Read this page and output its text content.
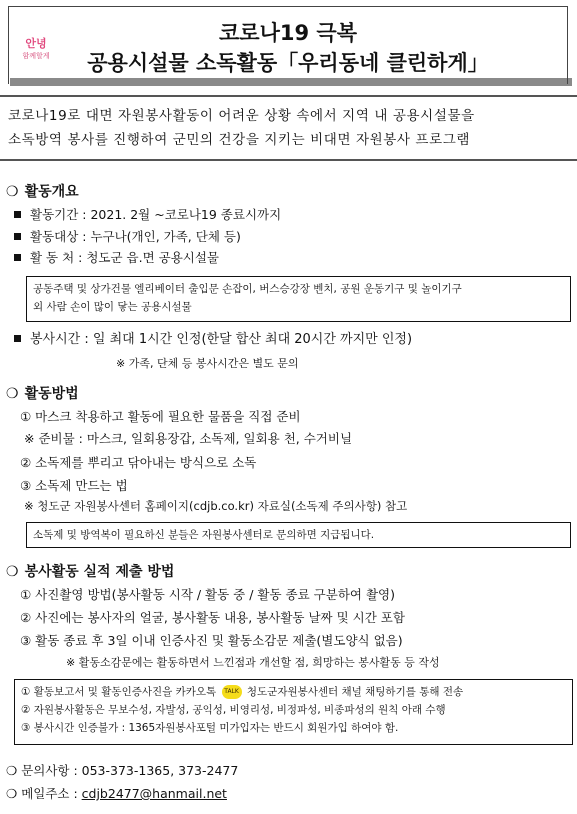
안녕
함께할게
코로나19 극복
공용시설물 소독활동「우리동네 클린하게」
코로나19로 대면 자원봉사활동이 어려운 상황 속에서 지역 내 공용시설물을
소독방역 봉사를 진행하여 군민의 건강을 지키는 비대면 자원봉사 프로그램
❍ 활동개요
활동기간 : 2021. 2월 ~코로나19 종료시까지
활동대상 : 누구나(개인, 가족, 단체 등)
활 동 처 : 청도군 읍.면 공용시설물
공동주택 및 상가건물 엘리베이터 출입문 손잡이, 버스승강장 벤치, 공원 운동기구 및 놀이기구
외 사람 손이 많이 닿는 공용시설물
봉사시간 : 일 최대 1시간 인정(한달 합산 최대 20시간 까지만 인정)
※ 가족, 단체 등 봉사시간은 별도 문의
❍ 활동방법
① 마스크 착용하고 활동에 필요한 물품을 직접 준비
※ 준비물 : 마스크, 일회용장갑, 소독제, 일회용 천, 수거비닐
② 소독제를 뿌리고 닦아내는 방식으로 소독
③ 소독제 만드는 법
※ 청도군 자원봉사센터 홈페이지(cdjb.co.kr) 자료실(소독제 주의사항) 참고
소독제 및 방역복이 필요하신 분들은 자원봉사센터로 문의하면 지급됩니다.
❍ 봉사활동 실적 제출 방법
① 사진촬영 방법(봉사활동 시작 / 활동 중 / 활동 종료 구분하여 촬영)
② 사진에는 봉사자의 얼굴, 봉사활동 내용, 봉사활동 날짜 및 시간 포함
③ 활동 종료 후 3일 이내 인증사진 및 활동소감문 제출(별도양식 없음)
※ 활동소감문에는 활동하면서 느낀점과 개선할 점, 희망하는 봉사활동 등 작성
① 활동보고서 및 활동인증사진을 카카오톡 TALK 청도군자원봉사센터 채널 채팅하기를 통해 전송
② 자원봉사활동은 무보수성, 자발성, 공익성, 비영리성, 비정파성, 비종파성의 원칙 아래 수행
③ 봉사시간 인증불가 : 1365자원봉사포털 미가입자는 반드시 회원가입 하여야 함.
❍ 문의사항 : 053-373-1365, 373-2477
❍ 메일주소 : cdjb2477@hanmail.net
